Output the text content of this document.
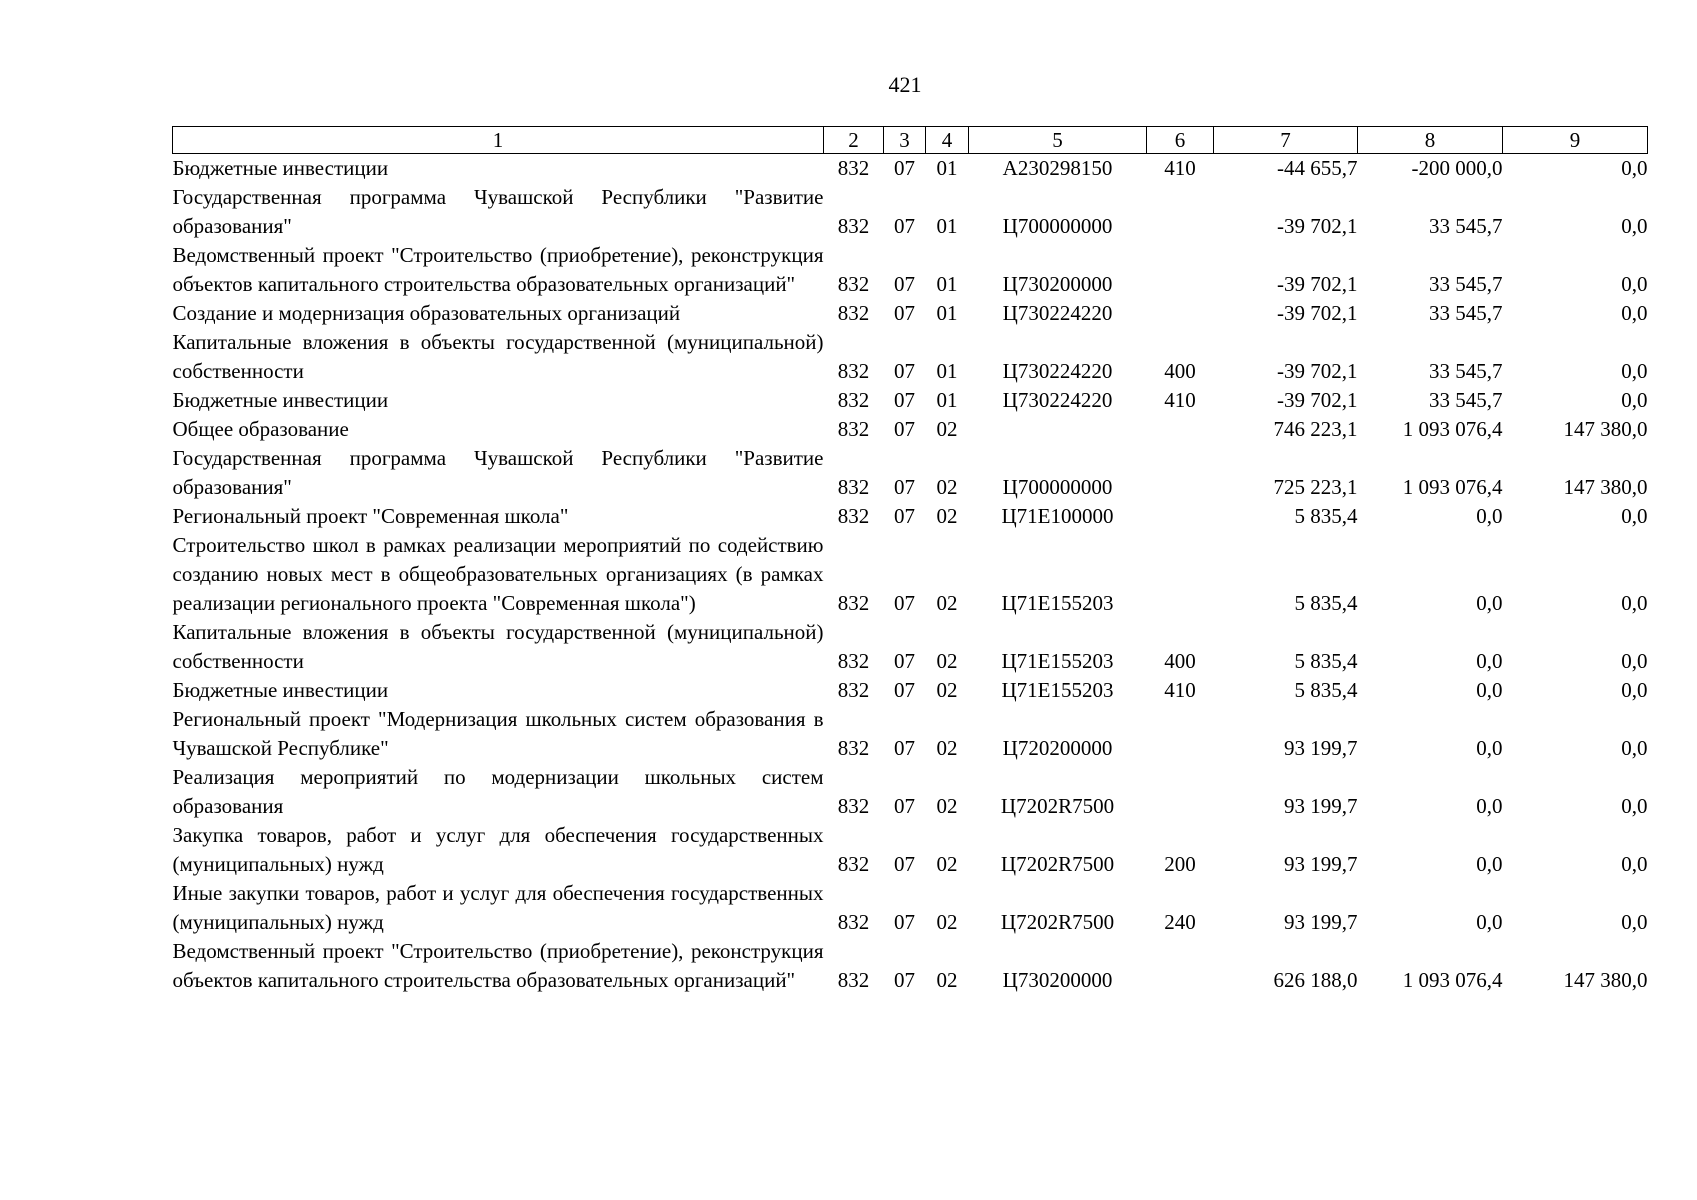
421
1	2	3	4	5	6	7	8	9
Бюджетные инвестиции	832	07	01	А230298150	410	-44 655,7	-200 000,0	0,0
Государственная программа Чувашской Республики "Развитие образования"	832	07	01	Ц700000000		-39 702,1	33 545,7	0,0
Ведомственный проект "Строительство (приобретение), реконструкция объектов капитального строительства образовательных организаций"	832	07	01	Ц730200000		-39 702,1	33 545,7	0,0
Создание и модернизация образовательных организаций	832	07	01	Ц730224220		-39 702,1	33 545,7	0,0
Капитальные вложения в объекты государственной (муниципальной) собственности	832	07	01	Ц730224220	400	-39 702,1	33 545,7	0,0
Бюджетные инвестиции	832	07	01	Ц730224220	410	-39 702,1	33 545,7	0,0
Общее образование	832	07	02			746 223,1	1 093 076,4	147 380,0
Государственная программа Чувашской Республики "Развитие образования"	832	07	02	Ц700000000		725 223,1	1 093 076,4	147 380,0
Региональный проект "Современная школа"	832	07	02	Ц71Е100000		5 835,4	0,0	0,0
Строительство школ в рамках реализации мероприятий по содействию созданию новых мест в общеобразовательных организациях (в рамках реализации регионального проекта "Современная школа")	832	07	02	Ц71Е155203		5 835,4	0,0	0,0
Капитальные вложения в объекты государственной (муниципальной) собственности	832	07	02	Ц71Е155203	400	5 835,4	0,0	0,0
Бюджетные инвестиции	832	07	02	Ц71Е155203	410	5 835,4	0,0	0,0
Региональный проект "Модернизация школьных систем образования в Чувашской Республике"	832	07	02	Ц720200000		93 199,7	0,0	0,0
Реализация мероприятий по модернизации школьных систем образования	832	07	02	Ц7202R7500		93 199,7	0,0	0,0
Закупка товаров, работ и услуг для обеспечения государственных (муниципальных) нужд	832	07	02	Ц7202R7500	200	93 199,7	0,0	0,0
Иные закупки товаров, работ и услуг для обеспечения государственных (муниципальных) нужд	832	07	02	Ц7202R7500	240	93 199,7	0,0	0,0
Ведомственный проект "Строительство (приобретение), реконструкция объектов капитального строительства образовательных организаций"	832	07	02	Ц730200000		626 188,0	1 093 076,4	147 380,0
